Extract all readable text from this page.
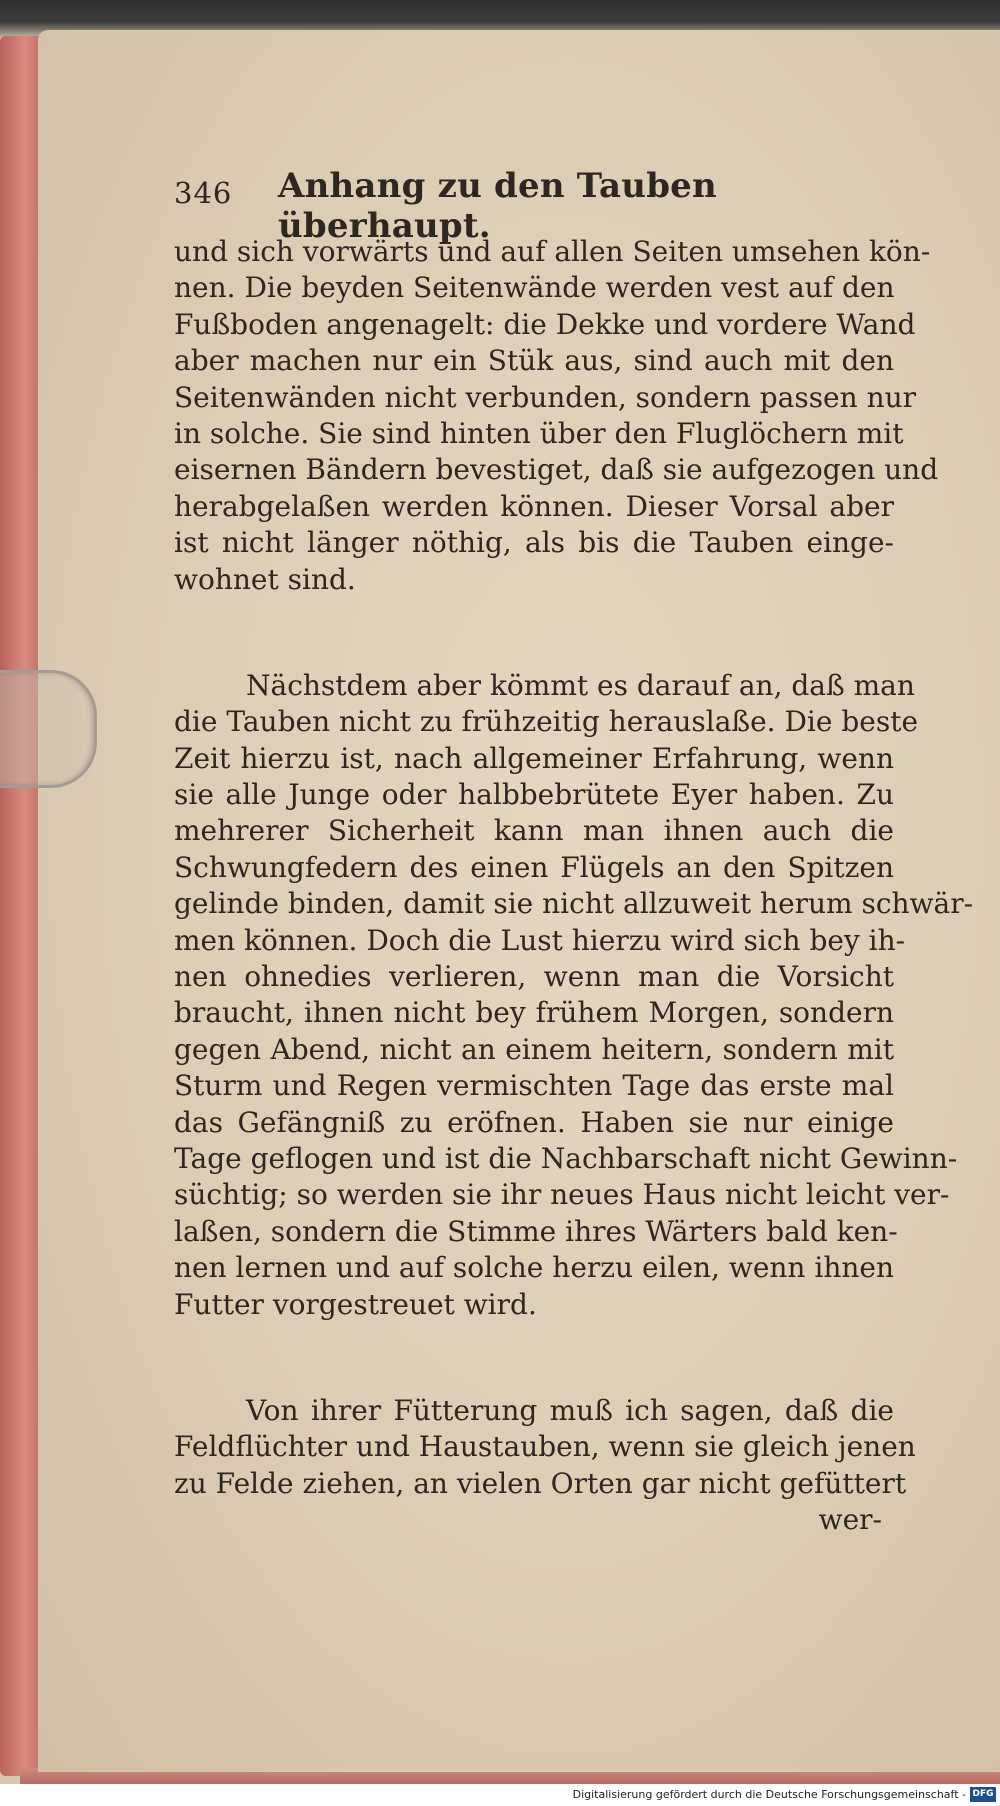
346 Anhang zu den Tauben überhaupt.
und sich vorwärts und auf allen Seiten umsehen kön-
nen. Die beyden Seitenwände werden vest auf den
Fußboden angenagelt: die Dekke und vordere Wand
aber machen nur ein Stük aus, sind auch mit den
Seitenwänden nicht verbunden, sondern passen nur
in solche. Sie sind hinten über den Fluglöchern mit
eisernen Bändern bevestiget, daß sie aufgezogen und
herabgelaßen werden können. Dieser Vorsal aber
ist nicht länger nöthig, als bis die Tauben einge-
wohnet sind.
Nächstdem aber kömmt es darauf an, daß man
die Tauben nicht zu frühzeitig herauslaße. Die beste
Zeit hierzu ist, nach allgemeiner Erfahrung, wenn
sie alle Junge oder halbbebrütete Eyer haben. Zu
mehrerer Sicherheit kann man ihnen auch die
Schwungfedern des einen Flügels an den Spitzen
gelinde binden, damit sie nicht allzuweit herum schwär-
men können. Doch die Lust hierzu wird sich bey ih-
nen ohnedies verlieren, wenn man die Vorsicht
braucht, ihnen nicht bey frühem Morgen, sondern
gegen Abend, nicht an einem heitern, sondern mit
Sturm und Regen vermischten Tage das erste mal
das Gefängniß zu eröfnen. Haben sie nur einige
Tage geflogen und ist die Nachbarschaft nicht Gewinn-
süchtig; so werden sie ihr neues Haus nicht leicht ver-
laßen, sondern die Stimme ihres Wärters bald ken-
nen lernen und auf solche herzu eilen, wenn ihnen
Futter vorgestreuet wird.
Von ihrer Fütterung muß ich sagen, daß die
Feldflüchter und Haustauben, wenn sie gleich jenen
zu Felde ziehen, an vielen Orten gar nicht gefüttert
wer-
Digitalisierung gefördert durch die Deutsche Forschungsgemeinschaft - DFG
